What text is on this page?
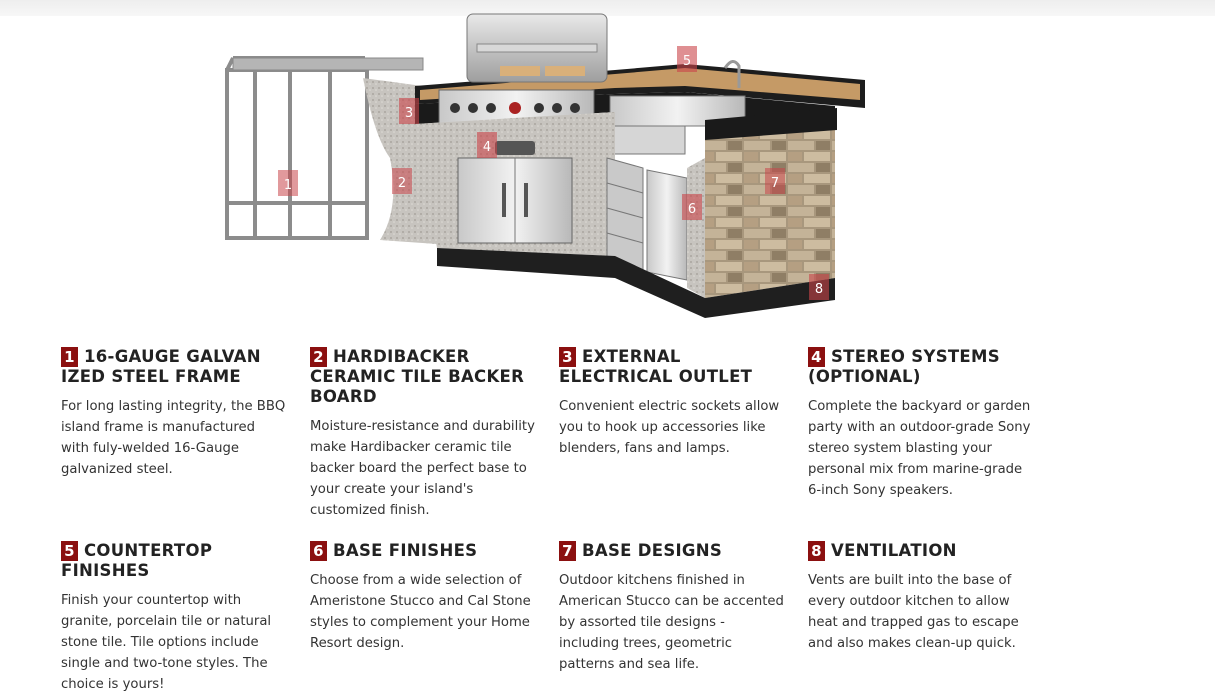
1	2
3
4
5
6
7
8
1 16-GAUGE GALVAN IZED STEEL FRAME

For long lasting integrity, the BBQ island frame is manufactured with fuly-welded 16-Gauge galvanized steel.

2 HARDIBACKER CERAMIC TILE BACKER BOARD

Moisture-resistance and durability make Hardibacker ceramic tile backer board the perfect base to your create your island's customized finish.

3 EXTERNAL ELECTRICAL OUTLET

Convenient electric sockets allow you to hook up accessories like blenders, fans and lamps.

4 STEREO SYSTEMS (OPTIONAL)

Complete the backyard or garden party with an outdoor-grade Sony stereo system blasting your personal mix from marine-grade 6-inch Sony speakers.

5 COUNTERTOP FINISHES

Finish your countertop with granite, porcelain tile or natural stone tile. Tile options include single and two-tone styles. The choice is yours!

6 BASE FINISHES

Choose from a wide selection of Ameristone Stucco and Cal Stone styles to complement your Home Resort design.

7 BASE DESIGNS

Outdoor kitchens finished in American Stucco can be accented by assorted tile designs - including trees, geometric patterns and sea life.

8 VENTILATION

Vents are built into the base of every outdoor kitchen to allow heat and trapped gas to escape and also makes clean-up quick.
